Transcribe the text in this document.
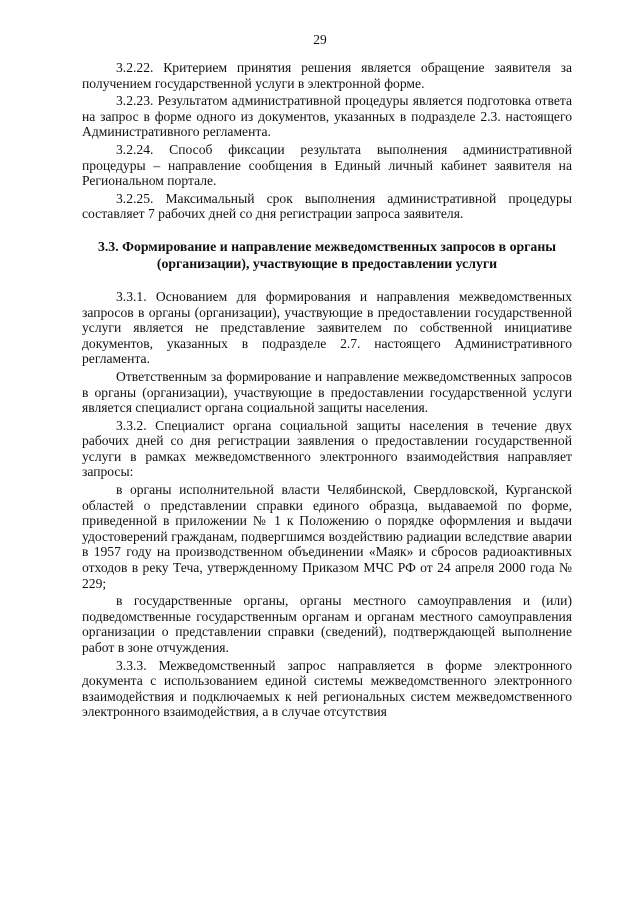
29

3.2.22. Критерием принятия решения является обращение заявителя за получением государственной услуги в электронной форме.

3.2.23. Результатом административной процедуры является подготовка ответа на запрос в форме одного из документов, указанных в подразделе 2.3. настоящего Административного регламента.

3.2.24. Способ фиксации результата выполнения административной процедуры – направление сообщения в Единый личный кабинет заявителя на Региональном портале.

3.2.25. Максимальный срок выполнения административной процедуры составляет 7 рабочих дней со дня регистрации запроса заявителя.

3.3. Формирование и направление межведомственных запросов в органы (организации), участвующие в предоставлении услуги

3.3.1. Основанием для формирования и направления межведомственных запросов в органы (организации), участвующие в предоставлении государственной услуги является не представление заявителем по собственной инициативе документов, указанных в подразделе 2.7. настоящего Административного регламента.

Ответственным за формирование и направление межведомственных запросов в органы (организации), участвующие в предоставлении государственной услуги является специалист органа социальной защиты населения.

3.3.2. Специалист органа социальной защиты населения в течение двух рабочих дней со дня регистрации заявления о предоставлении государственной услуги в рамках межведомственного электронного взаимодействия направляет запросы:

в органы исполнительной власти Челябинской, Свердловской, Курганской областей о представлении справки единого образца, выдаваемой по форме, приведенной в приложении № 1 к Положению о порядке оформления и выдачи удостоверений гражданам, подвергшимся воздействию радиации вследствие аварии в 1957 году на производственном объединении «Маяк» и сбросов радиоактивных отходов в реку Теча, утвержденному Приказом МЧС РФ от 24 апреля 2000 года № 229;

в государственные органы, органы местного самоуправления и (или) подведомственные государственным органам и органам местного самоуправления организации о представлении справки (сведений), подтверждающей выполнение работ в зоне отчуждения.

3.3.3. Межведомственный запрос направляется в форме электронного документа с использованием единой системы межведомственного электронного взаимодействия и подключаемых к ней региональных систем межведомственного электронного взаимодействия, а в случае отсутствия
